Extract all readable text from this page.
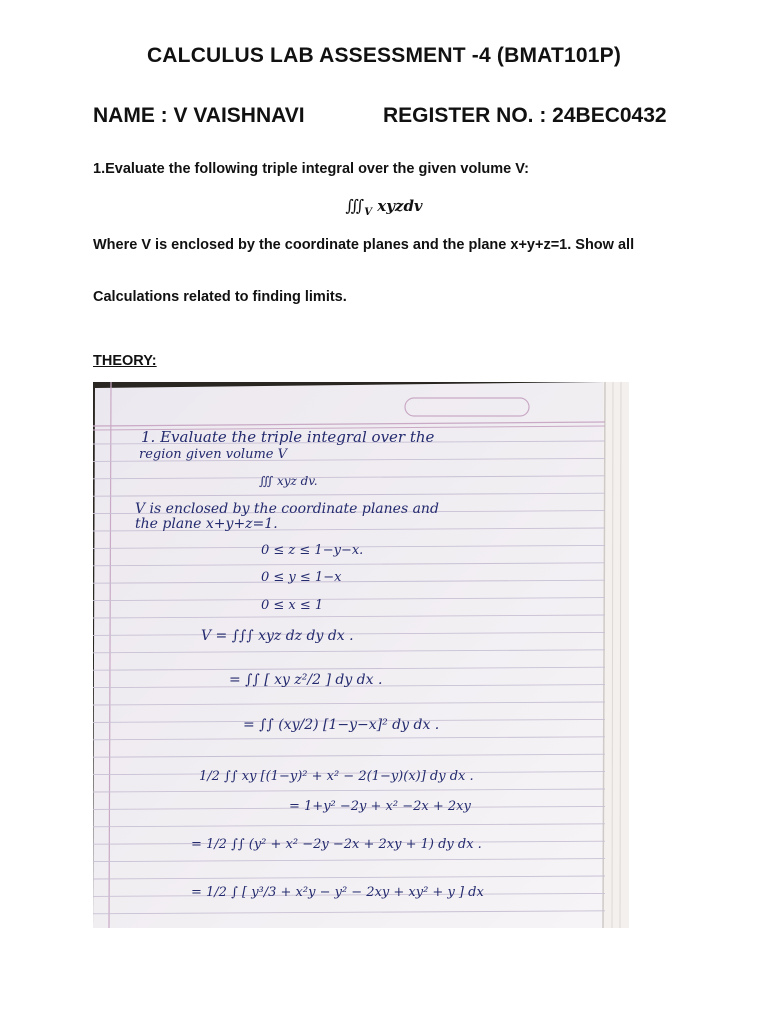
CALCULUS LAB ASSESSMENT -4 (BMAT101P)
NAME : V VAISHNAVI	REGISTER NO. : 24BEC0432
1.Evaluate the following triple integral over the given volume V:
$∭_V$ xyzdv
Where V is enclosed by the coordinate planes and the plane x+y+z=1. Show all
Calculations related to finding limits.
THEORY:
1. Evaluate the triple integral over the
region given volume V
∭ xyz dv.
V is enclosed by the coordinate planes and
the plane x+y+z=1.
0 ≤ z ≤ 1−y−x.
0 ≤ y ≤ 1−x
0 ≤ x ≤ 1
V = ∫∫∫ xyz dz dy dx .
= ∫∫ [ xy z²/2 ] dy dx .
= ∫∫ (xy/2) [1−y−x]² dy dx .
1/2 ∫∫ xy [(1−y)² + x² − 2(1−y)(x)] dy dx .
= 1+y² −2y + x² −2x + 2xy
= 1/2 ∫∫ (y² + x² −2y −2x + 2xy + 1) dy dx .
= 1/2 ∫ [ y³/3 + x²y − y² − 2xy + xy² + y ] dx
